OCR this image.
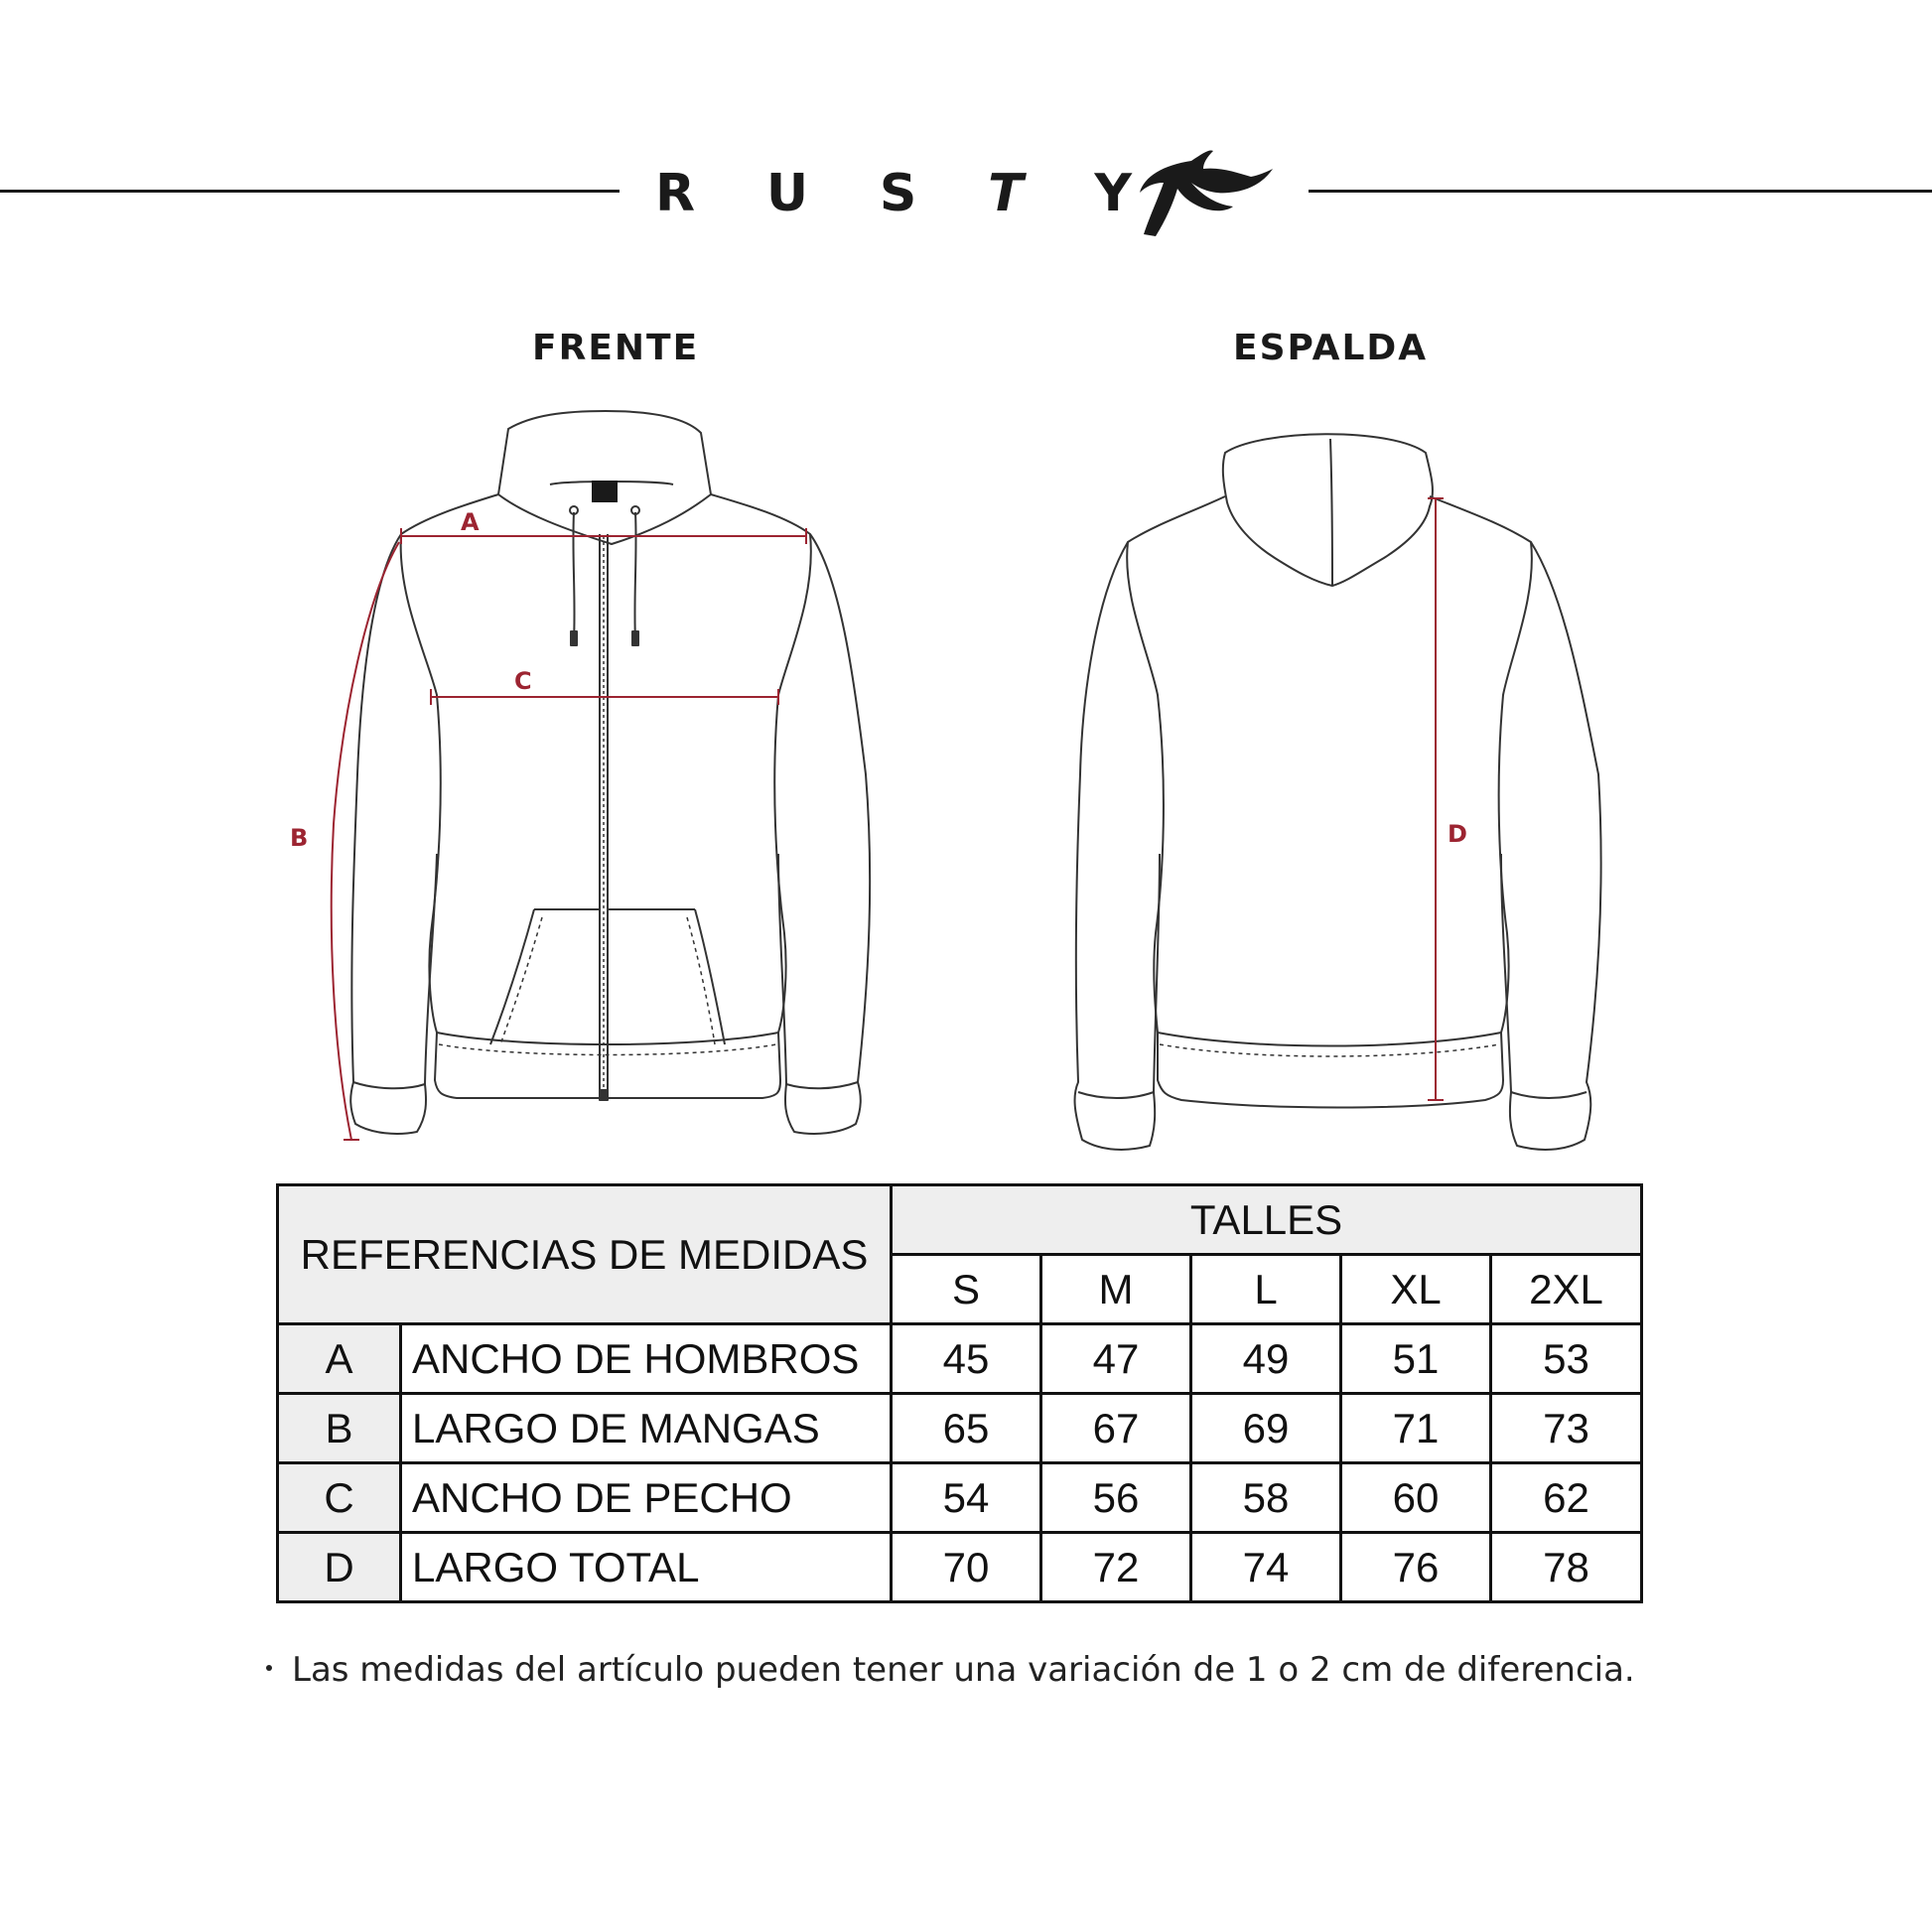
R U S T Y
FRENTE	ESPALDA
A
C
B	D
REFERENCIAS DE MEDIDAS		TALLES				
		S	M	L	XL	2XL
A	ANCHO DE HOMBROS	45	47	49	51	53
B	LARGO DE MANGAS	65	67	69	71	73
C	ANCHO DE PECHO	54	56	58	60	62
D	LARGO TOTAL	70	72	74	76	78
Las medidas del artículo pueden tener una variación de 1 o 2 cm de diferencia.
